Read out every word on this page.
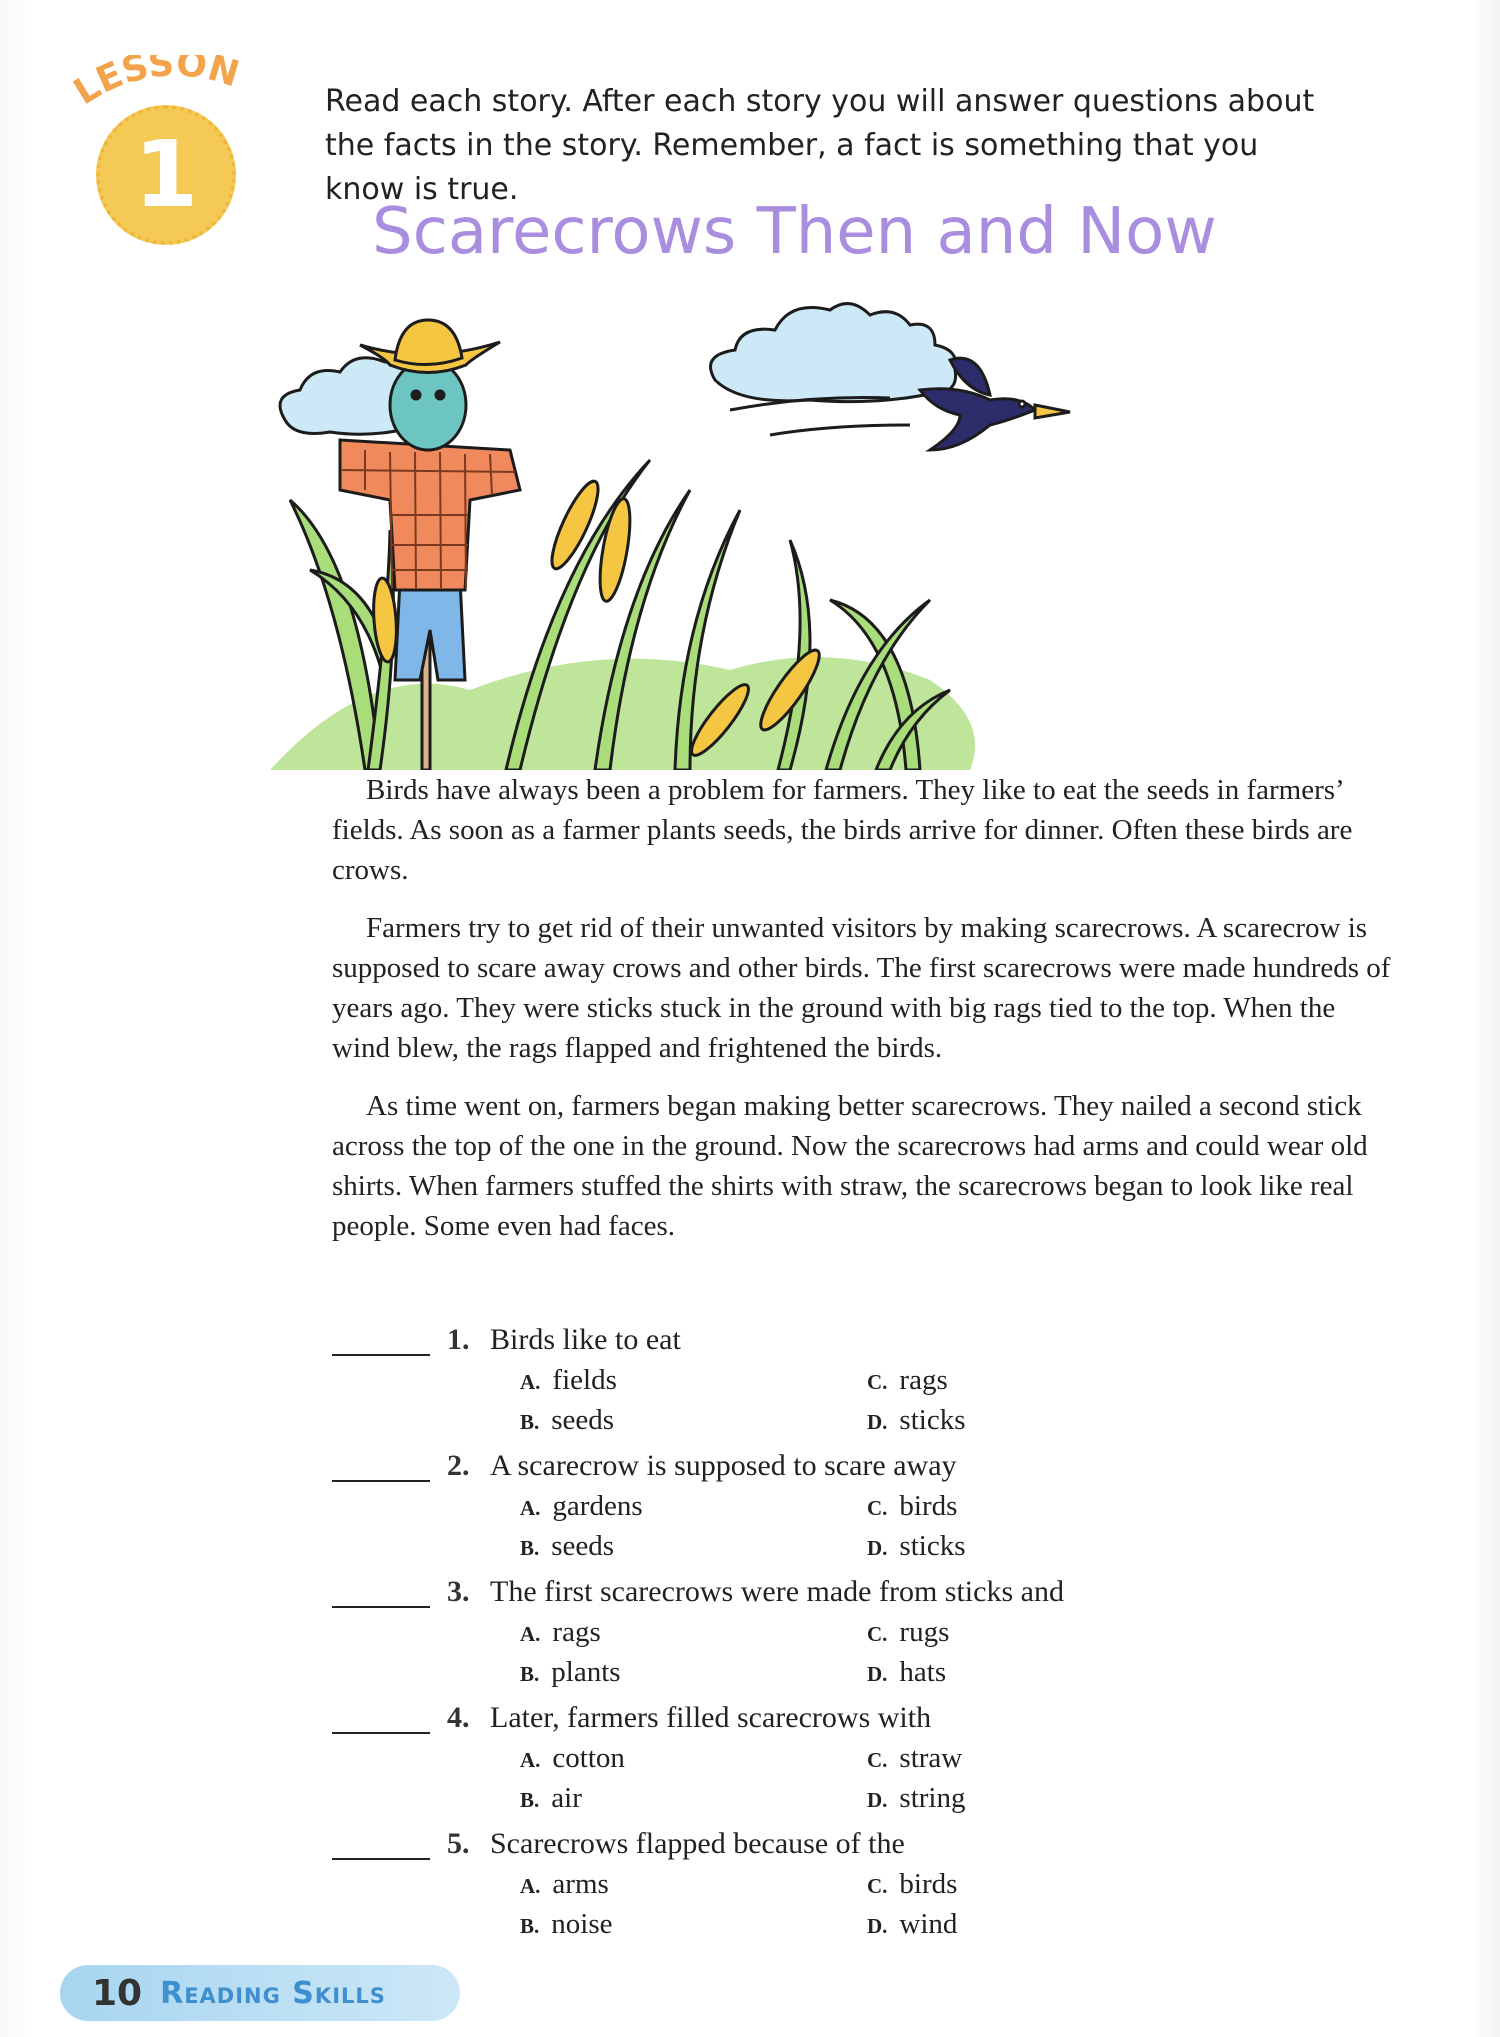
LESSON
1

Read each story. After each story you will answer questions about the facts in the story. Remember, a fact is something that you know is true.

Scarecrows Then and Now

Birds have always been a problem for farmers. They like to eat the seeds in farmers’ fields. As soon as a farmer plants seeds, the birds arrive for dinner. Often these birds are crows.

Farmers try to get rid of their unwanted visitors by making scarecrows. A scarecrow is supposed to scare away crows and other birds. The first scarecrows were made hundreds of years ago. They were sticks stuck in the ground with big rags tied to the top. When the wind blew, the rags flapped and frightened the birds.

As time went on, farmers began making better scarecrows. They nailed a second stick across the top of the one in the ground. Now the scarecrows had arms and could wear old shirts. When farmers stuffed the shirts with straw, the scarecrows began to look like real people. Some even had faces.

1. Birds like to eat
A. fields
B. seeds
C. rags
D. sticks
2. A scarecrow is supposed to scare away
A. gardens
B. seeds
C. birds
D. sticks
3. The first scarecrows were made from sticks and
A. rags
B. plants
C. rugs
D. hats
4. Later, farmers filled scarecrows with
A. cotton
B. air
C. straw
D. string
5. Scarecrows flapped because of the
A. arms
B. noise
C. birds
D. wind
10 Reading Skills
